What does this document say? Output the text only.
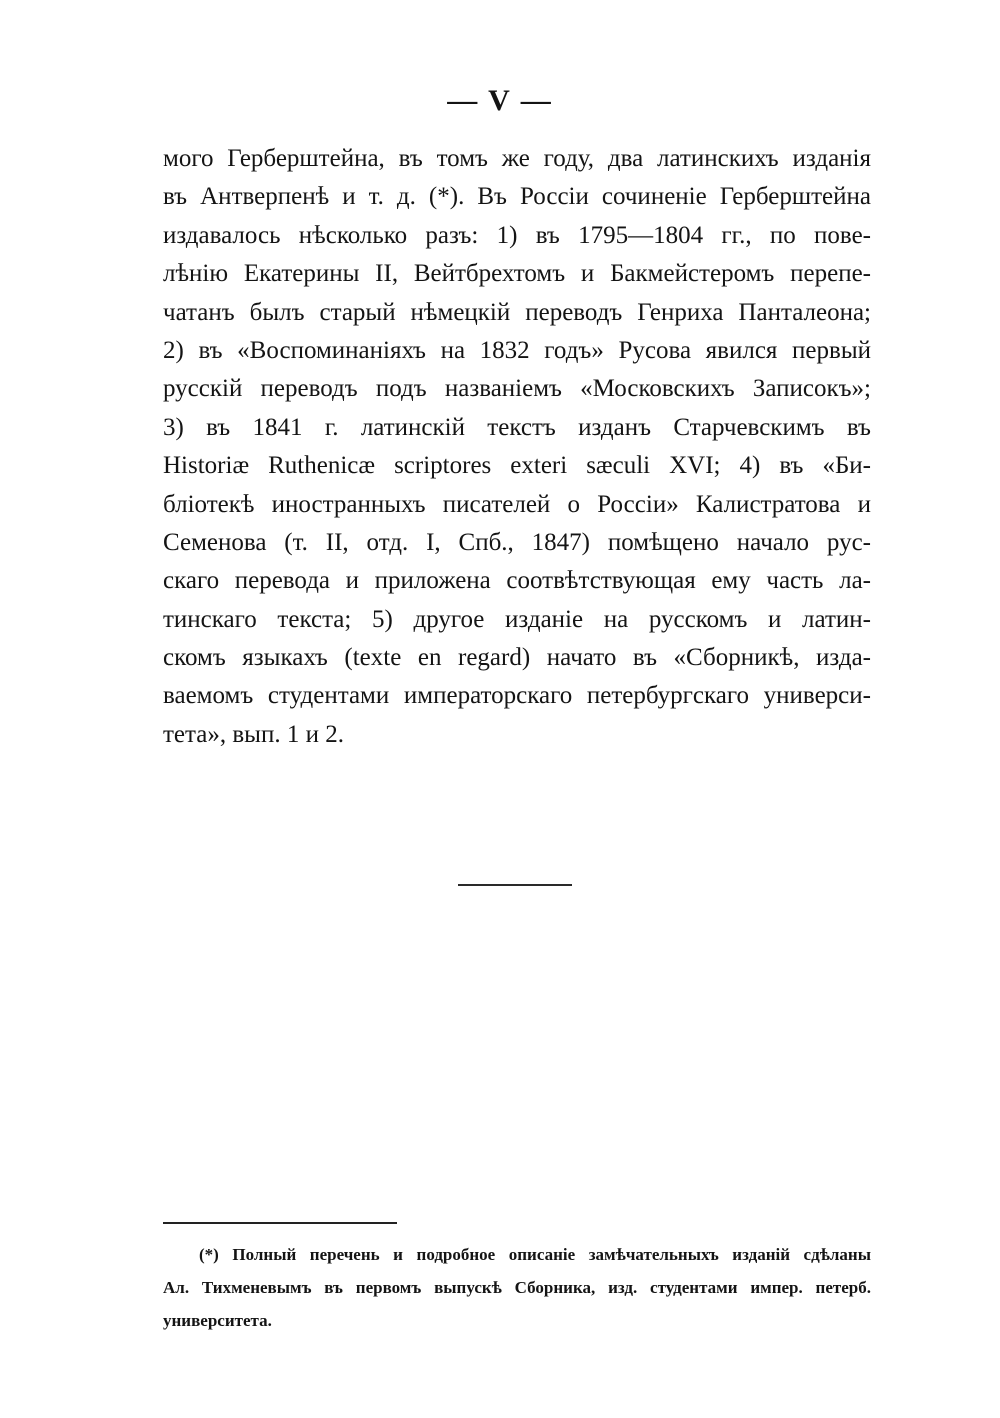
— V —
мого Герберштейна, въ томъ же году, два латинскихъ изданія
въ Антверпенѣ и т. д. (*). Въ Россіи сочиненіе Герберштейна
издавалось нѣсколько разъ: 1) въ 1795—1804 гг., по пове-
лѣнію Екатерины II, Вейтбрехтомъ и Бакмейстеромъ перепе-
чатанъ былъ старый нѣмецкій переводъ Генриха Панталеона;
2) въ «Воспоминаніяхъ на 1832 годъ» Русова явился первый
русскій переводъ подъ названіемъ «Московскихъ Записокъ»;
3) въ 1841 г. латинскій текстъ изданъ Старчевскимъ въ
Historiæ Ruthenicæ scriptores exteri sæculi XVI; 4) въ «Би-
бліотекѣ иностранныхъ писателей о Россіи» Калистратова и
Семенова (т. II, отд. I, Спб., 1847) помѣщено начало рус-
скаго перевода и приложена соотвѣтствующая ему часть ла-
тинскаго текста; 5) другое изданіе на русскомъ и латин-
скомъ языкахъ (texte en regard) начато въ «Сборникѣ, изда-
ваемомъ студентами императорскаго петербургскаго универси-
тета», вып. 1 и 2.
(*) Полный перечень и подробное описаніе замѣчательныхъ изданій сдѣланы
Ал. Тихменевымъ въ первомъ выпускѣ Сборника, изд. студентами импер. петерб.
университета.
